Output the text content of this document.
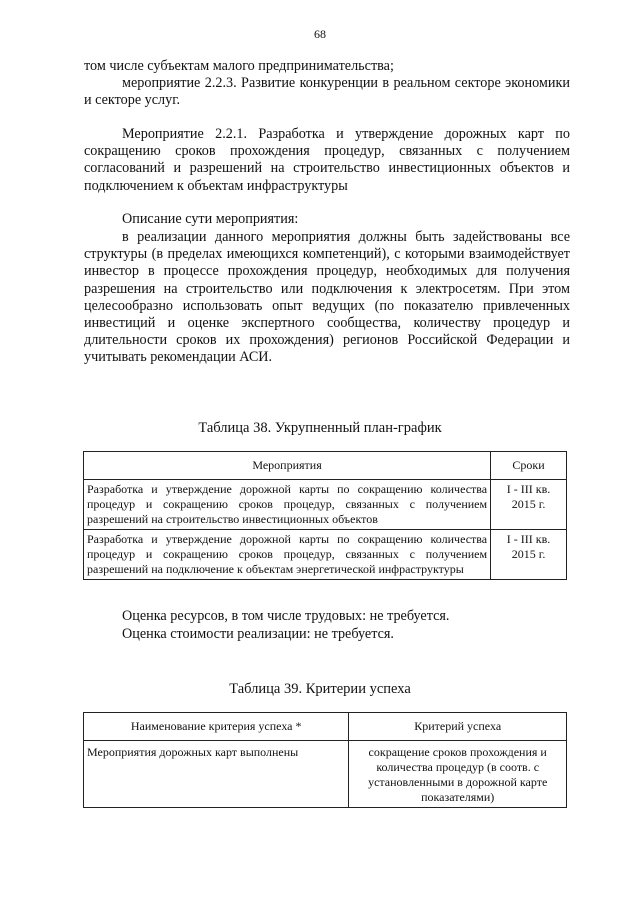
68
том числе субъектам малого предпринимательства;
мероприятие 2.2.3. Развитие конкуренции в реальном секторе экономики и секторе услуг.
Мероприятие 2.2.1. Разработка и утверждение дорожных карт по сокращению сроков прохождения процедур, связанных с получением согласований и разрешений на строительство инвестиционных объектов и подключением к объектам инфраструктуры
Описание сути мероприятия:
в реализации данного мероприятия должны быть задействованы все структуры (в пределах имеющихся компетенций), с которыми взаимодействует инвестор в процессе прохождения процедур, необходимых для получения разрешения на строительство или подключения к электросетям. При этом целесообразно использовать опыт ведущих (по показателю привлеченных инвестиций и оценке экспертного сообщества, количеству процедур и длительности сроков их прохождения) регионов Российской Федерации и учитывать рекомендации АСИ.
Таблица 38. Укрупненный план-график
Мероприятия	Сроки
Разработка и утверждение дорожной карты по сокращению количества процедур и сокращению сроков процедур, связанных с получением разрешений на строительство инвестиционных объектов	I - III кв. 2015 г.
Разработка и утверждение дорожной карты по сокращению количества процедур и сокращению сроков процедур, связанных с получением разрешений на подключение к объектам энергетической инфраструктуры	I - III кв. 2015 г.
Оценка ресурсов, в том числе трудовых: не требуется.
Оценка стоимости реализации: не требуется.
Таблица 39. Критерии успеха
Наименование критерия успеха *	Критерий успеха
Мероприятия дорожных карт выполнены	сокращение сроков прохождения и количества процедур (в соотв. с установленными в дорожной карте показателями)
